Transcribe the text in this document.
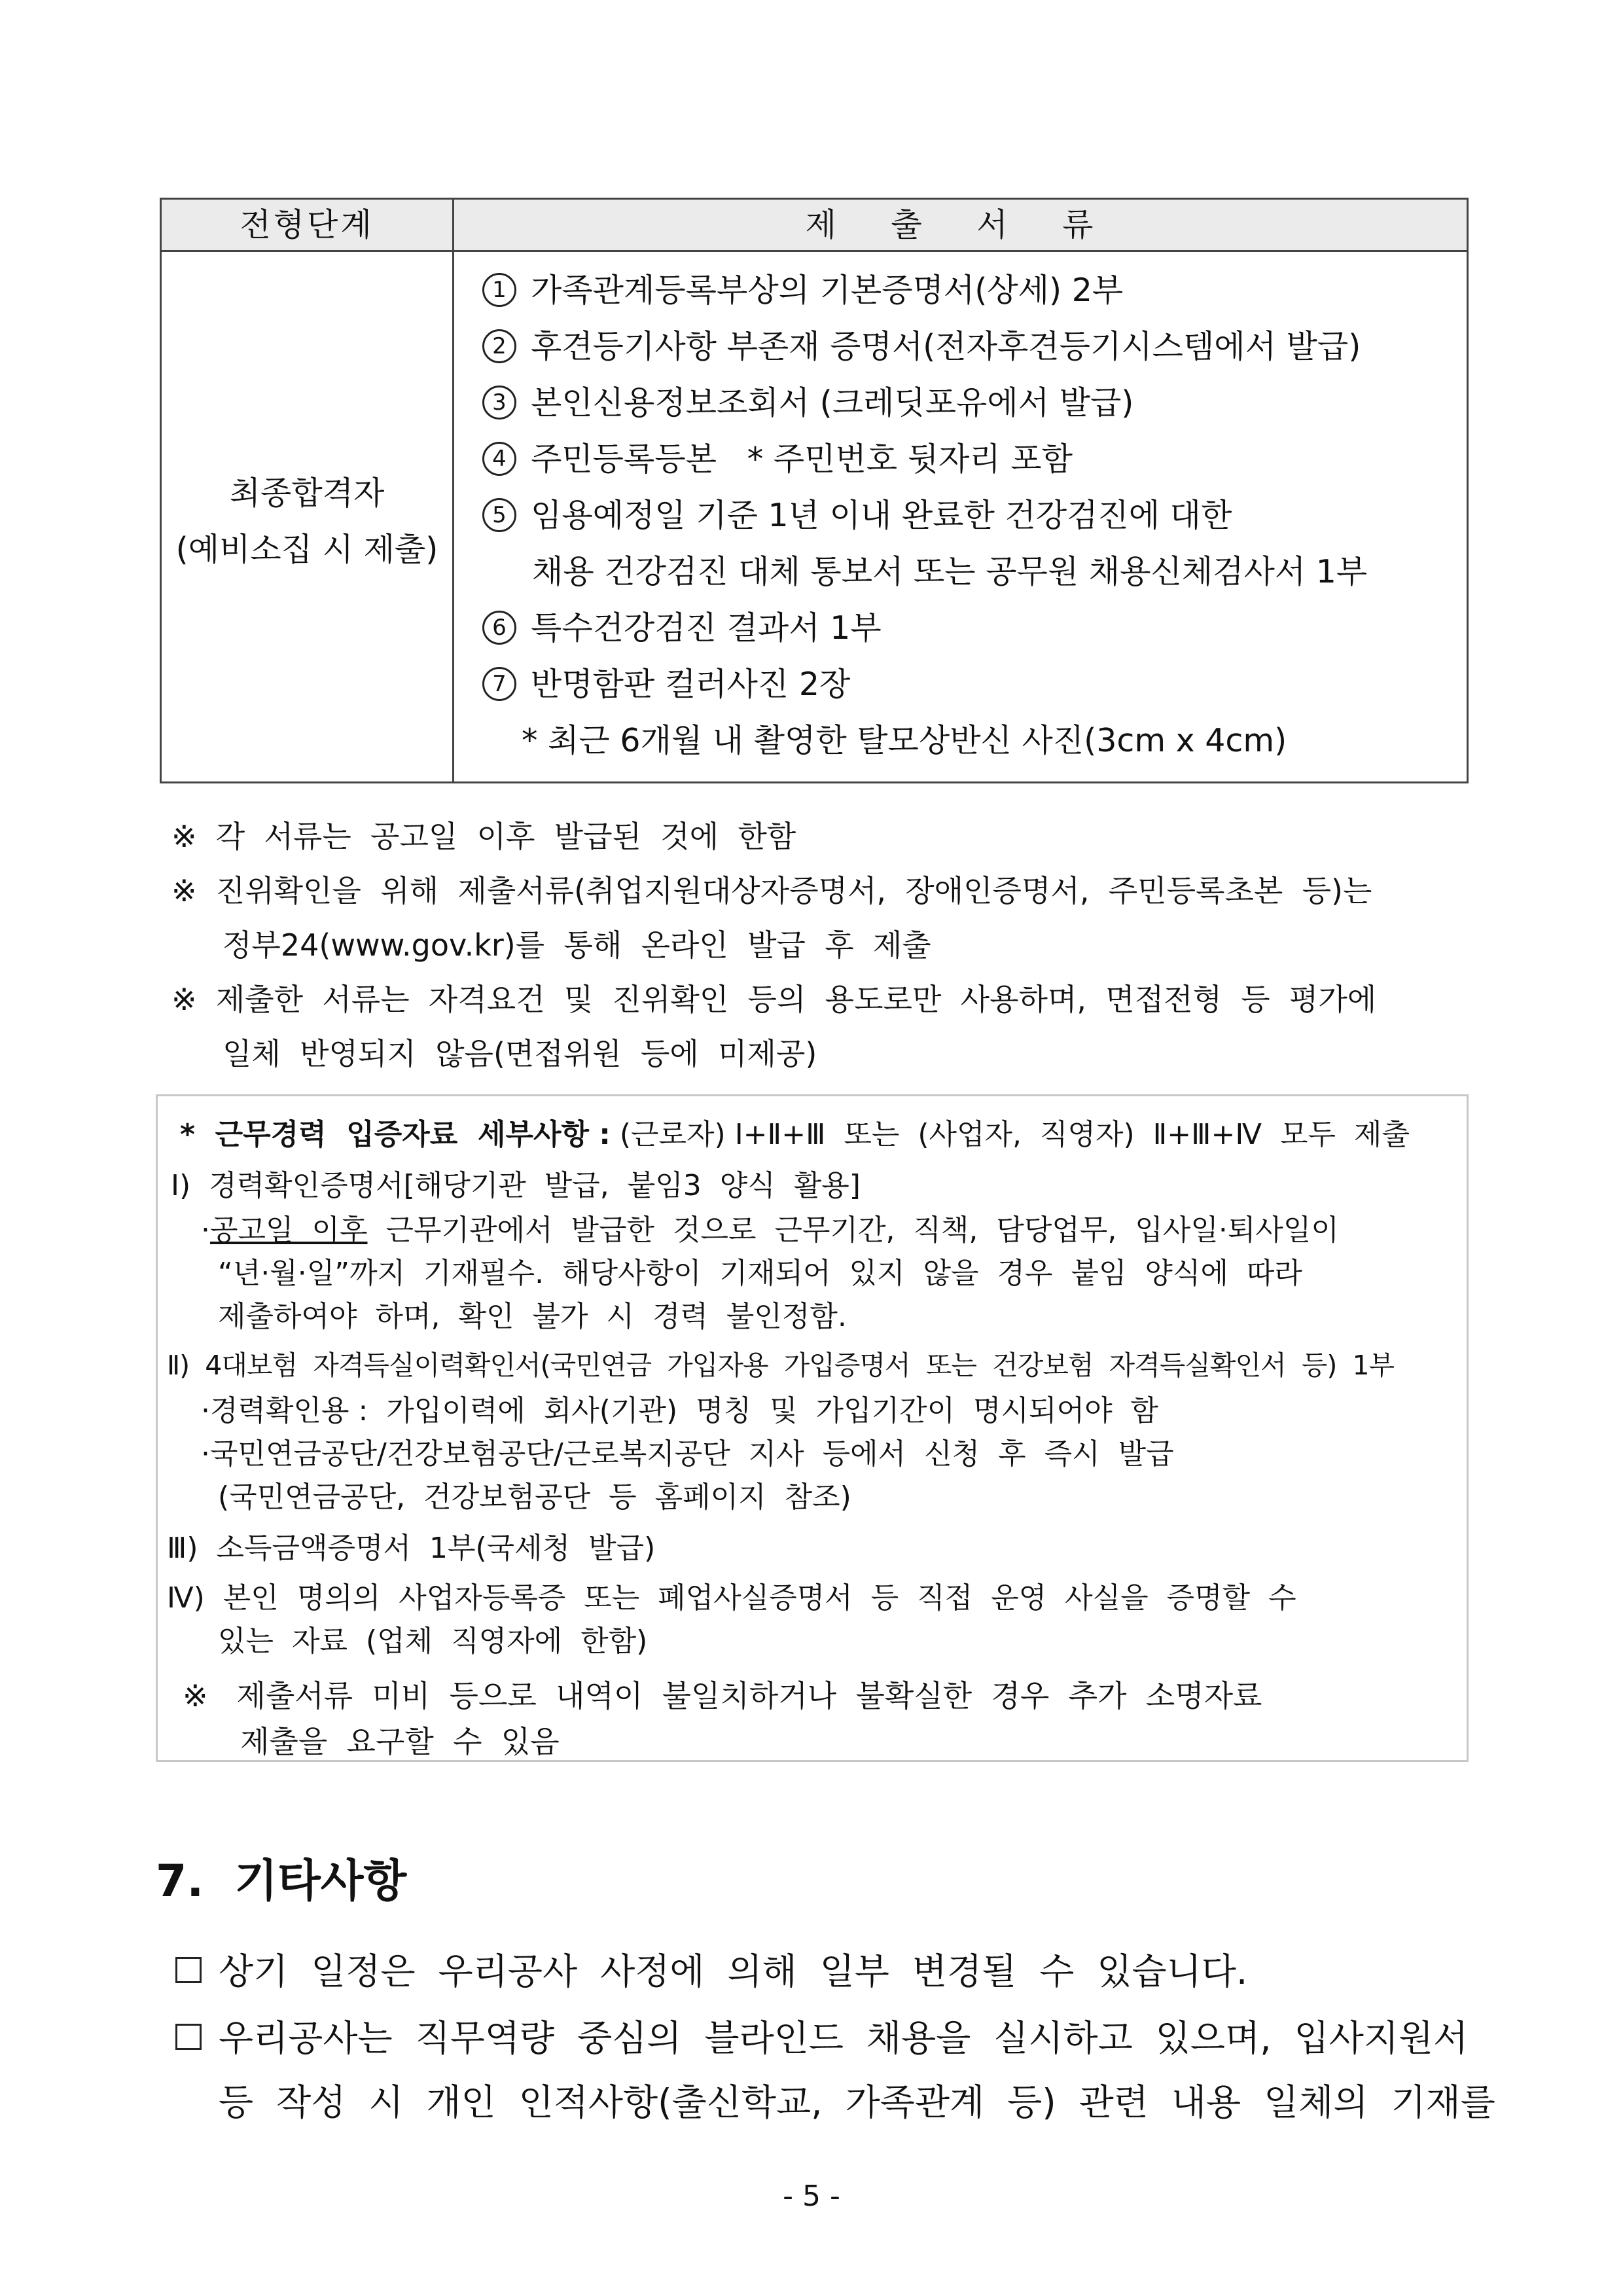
전형단계	제 출 서 류
최종합격자
(예비소집 시 제출)
1 가족관계등록부상의 기본증명서(상세) 2부
2 후견등기사항 부존재 증명서(전자후견등기시스템에서 발급)
3 본인신용정보조회서 (크레딧포유에서 발급)
4 주민등록등본   * 주민번호 뒷자리 포함
5 임용예정일 기준 1년 이내 완료한 건강검진에 대한
채용 건강검진 대체 통보서 또는 공무원 채용신체검사서 1부
6 특수건강검진 결과서 1부
7 반명함판 컬러사진 2장
* 최근 6개월 내 촬영한 탈모상반신 사진(3cm x 4cm)
※  각  서류는  공고일  이후  발급된  것에  한함
※  진위확인을  위해  제출서류(취업지원대상자증명서,  장애인증명서,  주민등록초본  등)는
정부24(www.gov.kr)를  통해  온라인  발급  후  제출
※  제출한  서류는  자격요건  및  진위확인  등의  용도로만  사용하며,  면접전형  등  평가에
일체  반영되지  않음(면접위원  등에  미제공)
*  근무경력  입증자료  세부사항 : (근로자) Ⅰ+Ⅱ+Ⅲ  또는  (사업자,  직영자)  Ⅱ+Ⅲ+Ⅳ  모두  제출
Ⅰ)  경력확인증명서[해당기관  발급,  붙임3  양식  활용]
·공고일  이후  근무기관에서  발급한  것으로  근무기간,  직책,  담당업무,  입사일·퇴사일이
“년·월·일”까지  기재필수.  해당사항이  기재되어  있지  않을  경우  붙임  양식에  따라
제출하여야  하며,  확인  불가  시  경력  불인정함.
Ⅱ)  4대보험  자격득실이력확인서(국민연금  가입자용  가입증명서  또는  건강보험  자격득실확인서  등)  1부
·경력확인용 :  가입이력에  회사(기관)  명칭  및  가입기간이  명시되어야  함
·국민연금공단/건강보험공단/근로복지공단  지사  등에서  신청  후  즉시  발급
(국민연금공단,  건강보험공단  등  홈페이지  참조)
Ⅲ)  소득금액증명서  1부(국세청  발급)
Ⅳ)  본인  명의의  사업자등록증  또는  폐업사실증명서  등  직접  운영  사실을  증명할  수
있는  자료  (업체  직영자에  한함)
※   제출서류  미비  등으로  내역이  불일치하거나  불확실한  경우  추가  소명자료
제출을  요구할  수  있음
7.  기타사항
상기  일정은  우리공사  사정에  의해  일부  변경될  수  있습니다.
우리공사는  직무역량  중심의  블라인드  채용을  실시하고  있으며,  입사지원서
등  작성  시  개인  인적사항(출신학교,  가족관계  등)  관련  내용  일체의  기재를
- 5 -
